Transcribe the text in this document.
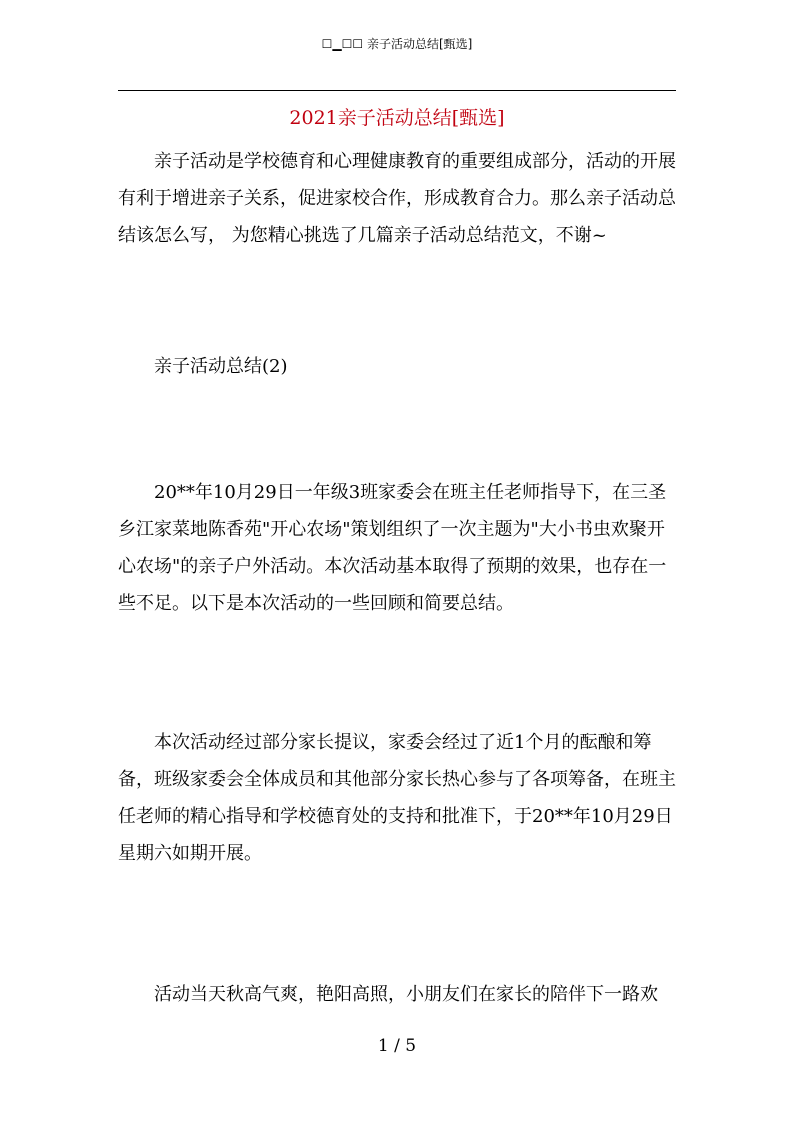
☐▁☐☐ 亲子活动总结[甄选]
2021亲子活动总结[甄选]

亲子活动是学校德育和心理健康教育的重要组成部分，活动的开展有利于增进亲子关系，促进家校合作，形成教育合力。那么亲子活动总结该怎么写， 为您精心挑选了几篇亲子活动总结范文，不谢~

亲子活动总结(2)

20**年10月29日一年级3班家委会在班主任老师指导下，在三圣乡江家菜地陈香苑"开心农场"策划组织了一次主题为"大小书虫欢聚开心农场"的亲子户外活动。本次活动基本取得了预期的效果，也存在一些不足。以下是本次活动的一些回顾和简要总结。

本次活动经过部分家长提议，家委会经过了近1个月的酝酿和筹备，班级家委会全体成员和其他部分家长热心参与了各项筹备，在班主任老师的精心指导和学校德育处的支持和批准下，于20**年10月29日星期六如期开展。

活动当天秋高气爽，艳阳高照，小朋友们在家长的陪伴下一路欢

1 / 5
